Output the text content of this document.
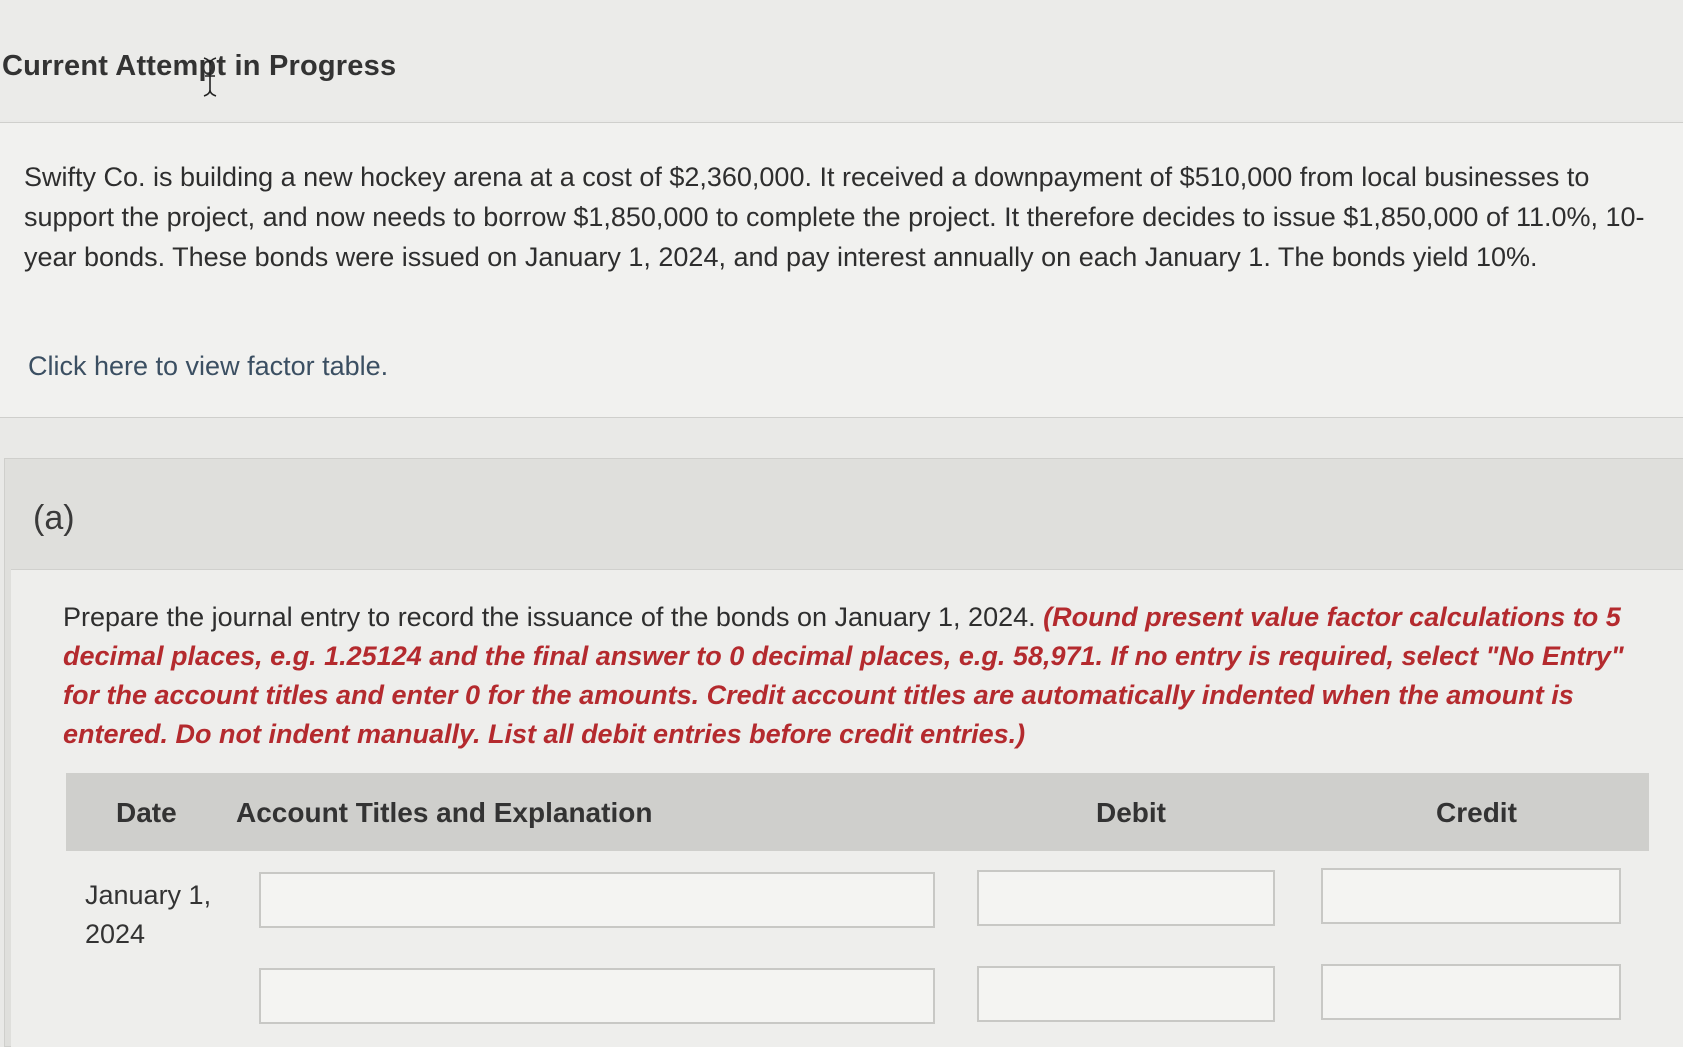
Current Attempt in Progress
Swifty Co. is building a new hockey arena at a cost of $2,360,000. It received a downpayment of $510,000 from local businesses to support the project, and now needs to borrow $1,850,000 to complete the project. It therefore decides to issue $1,850,000 of 11.0%, 10-year bonds. These bonds were issued on January 1, 2024, and pay interest annually on each January 1. The bonds yield 10%.
Click here to view factor table.
(a)
Prepare the journal entry to record the issuance of the bonds on January 1, 2024. (Round present value factor calculations to 5 decimal places, e.g. 1.25124 and the final answer to 0 decimal places, e.g. 58,971. If no entry is required, select "No Entry" for the account titles and enter 0 for the amounts. Credit account titles are automatically indented when the amount is entered. Do not indent manually. List all debit entries before credit entries.)
Date Account Titles and Explanation	Debit	Credit
January 1,
2024
